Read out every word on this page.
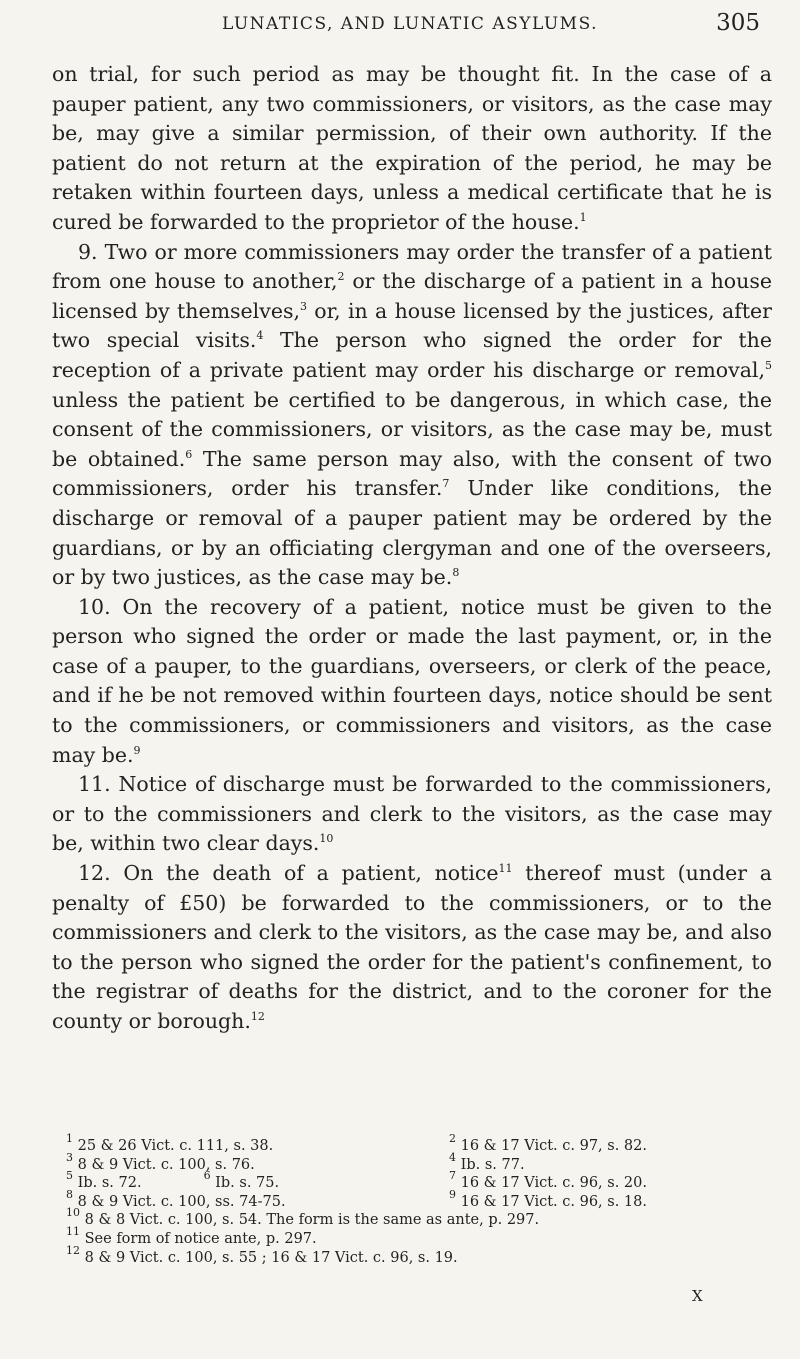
LUNATICS, AND LUNATIC ASYLUMS.	305

on trial, for such period as may be thought fit. In the case of a pauper patient, any two commissioners, or visitors, as the case may be, may give a similar permission, of their own authority. If the patient do not return at the expiration of the period, he may be retaken within fourteen days, unless a medical certificate that he is cured be forwarded to the proprietor of the house.$^1$

9. Two or more commissioners may order the transfer of a patient from one house to another,$^2$ or the discharge of a patient in a house licensed by themselves,$^3$ or, in a house licensed by the justices, after two special visits.$^4$ The person who signed the order for the reception of a private patient may order his discharge or removal,$^5$ unless the patient be certified to be dangerous, in which case, the consent of the commissioners, or visitors, as the case may be, must be obtained.$^6$ The same person may also, with the consent of two commissioners, order his transfer.$^7$ Under like conditions, the discharge or removal of a pauper patient may be ordered by the guardians, or by an officiating clergyman and one of the overseers, or by two justices, as the case may be.$^8$

10. On the recovery of a patient, notice must be given to the person who signed the order or made the last payment, or, in the case of a pauper, to the guardians, overseers, or clerk of the peace, and if he be not removed within fourteen days, notice should be sent to the commissioners, or commissioners and visitors, as the case may be.$^9$

11. Notice of discharge must be forwarded to the commissioners, or to the commissioners and clerk to the visitors, as the case may be, within two clear days.$^{10}$

12. On the death of a patient, notice$^{11}$ thereof must (under a penalty of £50) be forwarded to the commissioners, or to the commissioners and clerk to the visitors, as the case may be, and also to the person who signed the order for the patient's confinement, to the registrar of deaths for the district, and to the coroner for the county or borough.$^{12}$

$^1$ 25 & 26 Vict. c. 111, s. 38.	$^2$ 16 & 17 Vict. c. 97, s. 82.
$^3$ 8 & 9 Vict. c. 100, s. 76.	$^4$ Ib. s. 77.
$^5$ Ib. s. 72.	$^6$ Ib. s. 75.	$^7$ 16 & 17 Vict. c. 96, s. 20.
$^8$ 8 & 9 Vict. c. 100, ss. 74-75.	$^9$ 16 & 17 Vict. c. 96, s. 18.
$^{10}$ 8 & 8 Vict. c. 100, s. 54. The form is the same as ante, p. 297.
$^{11}$ See form of notice ante, p. 297.
$^{12}$ 8 & 9 Vict. c. 100, s. 55 ; 16 & 17 Vict. c. 96, s. 19.
X
